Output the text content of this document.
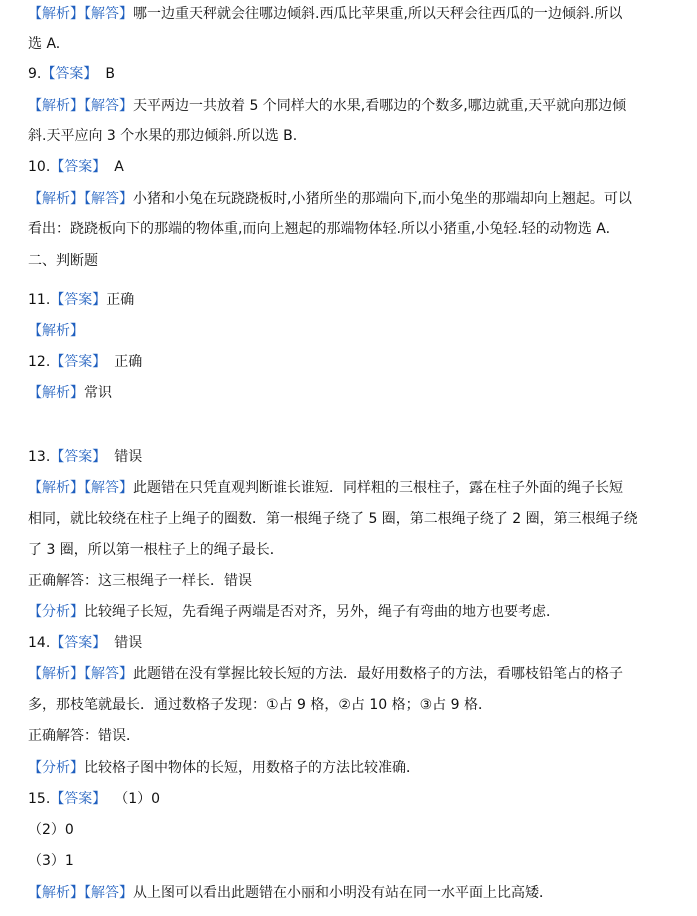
【解析】【解答】哪一边重天秤就会往哪边倾斜.西瓜比苹果重,所以天秤会往西瓜的一边倾斜.所以
选 A.
9.【答案】 B
【解析】【解答】天平两边一共放着 5 个同样大的水果,看哪边的个数多,哪边就重,天平就向那边倾
斜.天平应向 3 个水果的那边倾斜.所以选 B.
10.【答案】 A
【解析】【解答】小猪和小兔在玩跷跷板时,小猪所坐的那端向下,而小兔坐的那端却向上翘起。可以
看出：跷跷板向下的那端的物体重,而向上翘起的那端物体轻.所以小猪重,小兔轻.轻的动物选 A.
二、判断题
11.【答案】正确
【解析】
12.【答案】 正确
【解析】常识
13.【答案】 错误
【解析】【解答】此题错在只凭直观判断谁长谁短．同样粗的三根柱子，露在柱子外面的绳子长短
相同，就比较绕在柱子上绳子的圈数．第一根绳子绕了 5 圈，第二根绳子绕了 2 圈，第三根绳子绕
了 3 圈，所以第一根柱子上的绳子最长．
正确解答：这三根绳子一样长．错误
【分析】比较绳子长短，先看绳子两端是否对齐，另外，绳子有弯曲的地方也要考虑．
14.【答案】 错误
【解析】【解答】此题错在没有掌握比较长短的方法．最好用数格子的方法，看哪枝铅笔占的格子
多，那枝笔就最长．通过数格子发现：①占 9 格，②占 10 格；③占 9 格．
正确解答：错误．
【分析】比较格子图中物体的长短，用数格子的方法比较准确．
15.【答案】 （1）0
（2）0
（3）1
【解析】【解答】从上图可以看出此题错在小丽和小明没有站在同一水平面上比高矮．
